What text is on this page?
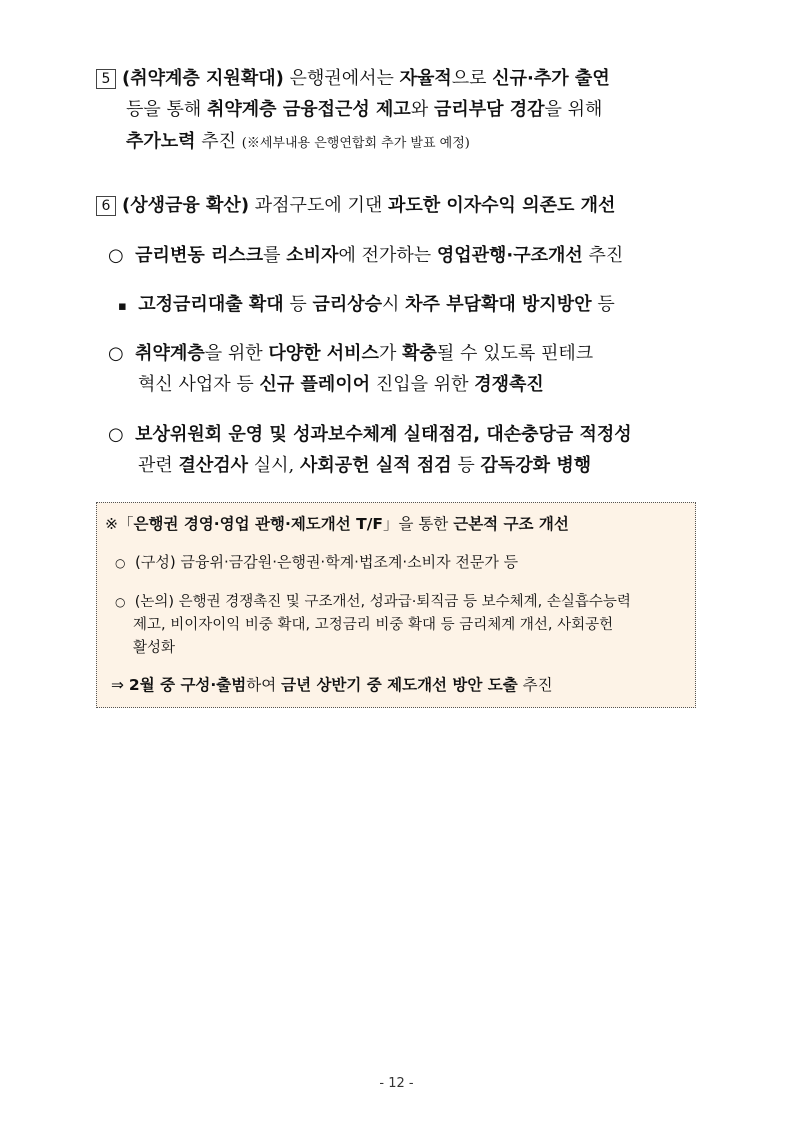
5 (취약계층 지원확대) 은행권에서는 자율적으로 신규·추가 출연
등을 통해 취약계층 금융접근성 제고와 금리부담 경감을 위해
추가노력 추진 (※세부내용 은행연합회 추가 발표 예정)
6 (상생금융 확산) 과점구도에 기댄 과도한 이자수익 의존도 개선
○ 금리변동 리스크를 소비자에 전가하는 영업관행·구조개선 추진
▪ 고정금리대출 확대 등 금리상승시 차주 부담확대 방지방안 등
○ 취약계층을 위한 다양한 서비스가 확충될 수 있도록 핀테크
혁신 사업자 등 신규 플레이어 진입을 위한 경쟁촉진
○ 보상위원회 운영 및 성과보수체계 실태점검, 대손충당금 적정성
관련 결산검사 실시, 사회공헌 실적 점검 등 감독강화 병행
※「은행권 경영·영업 관행·제도개선 T/F」을 통한 근본적 구조 개선
○ (구성) 금융위·금감원·은행권·학계·법조계·소비자 전문가 등
○ (논의) 은행권 경쟁촉진 및 구조개선, 성과급·퇴직금 등 보수체계, 손실흡수능력
제고, 비이자이익 비중 확대, 고정금리 비중 확대 등 금리체계 개선, 사회공헌
활성화
⇒ 2월 중 구성·출범하여 금년 상반기 중 제도개선 방안 도출 추진
- 12 -
